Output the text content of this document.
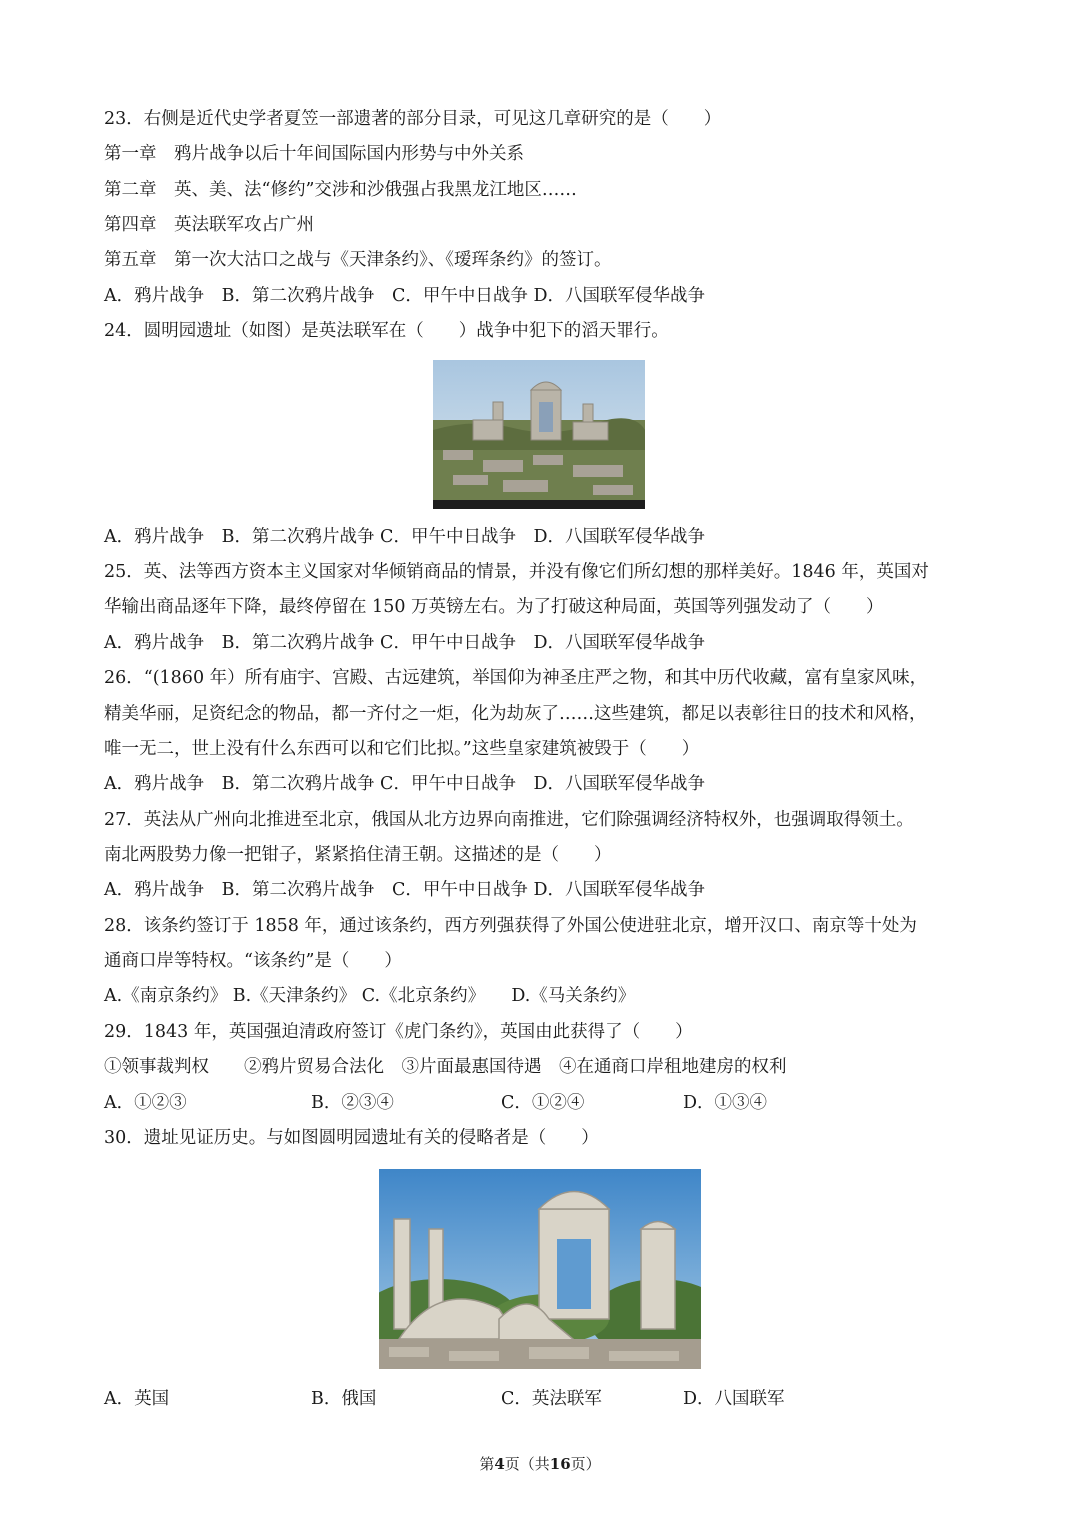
23．右侧是近代史学者夏笠一部遗著的部分目录，可见这几章研究的是（　　）
第一章　鸦片战争以后十年间国际国内形势与中外关系
第二章　英、美、法“修约”交涉和沙俄强占我黑龙江地区……
第四章　英法联军攻占广州
第五章　第一次大沽口之战与《天津条约》、《瑷珲条约》的签订。
A．鸦片战争　B．第二次鸦片战争　C．甲午中日战争 D．八国联军侵华战争
24．圆明园遗址（如图）是英法联军在（　　）战争中犯下的滔天罪行。
A．鸦片战争　B．第二次鸦片战争 C．甲午中日战争　D．八国联军侵华战争
25．英、法等西方资本主义国家对华倾销商品的情景，并没有像它们所幻想的那样美好。1846 年，英国对
华输出商品逐年下降，最终停留在 150 万英镑左右。为了打破这种局面，英国等列强发动了（　　）
A．鸦片战争　B．第二次鸦片战争 C．甲午中日战争　D．八国联军侵华战争
26．“(1860 年）所有庙宇、宫殿、古远建筑，举国仰为神圣庄严之物，和其中历代收藏，富有皇家风味，
精美华丽，足资纪念的物品，都一齐付之一炬，化为劫灰了……这些建筑，都足以表彰往日的技术和风格，
唯一无二，世上没有什么东西可以和它们比拟。”这些皇家建筑被毁于（　　）
A．鸦片战争　B．第二次鸦片战争 C．甲午中日战争　D．八国联军侵华战争
27．英法从广州向北推进至北京，俄国从北方边界向南推进，它们除强调经济特权外，也强调取得领土。
南北两股势力像一把钳子，紧紧掐住清王朝。这描述的是（　　）
A．鸦片战争　B．第二次鸦片战争　C．甲午中日战争 D．八国联军侵华战争
28．该条约签订于 1858 年，通过该条约，西方列强获得了外国公使进驻北京，增开汉口、南京等十处为
通商口岸等特权。“该条约”是（　　）
A.《南京条约》 B.《天津条约》 C.《北京条约》　　D.《马关条约》
29．1843 年，英国强迫清政府签订《虎门条约》，英国由此获得了（　　）
①领事裁判权　　②鸦片贸易合法化　③片面最惠国待遇　④在通商口岸租地建房的权利
A．①②③	B．②③④	C．①②④	D．①③④
30．遗址见证历史。与如图圆明园遗址有关的侵略者是（　　）
A．英国	B．俄国	C．英法联军	D．八国联军
第4页（共16页）
